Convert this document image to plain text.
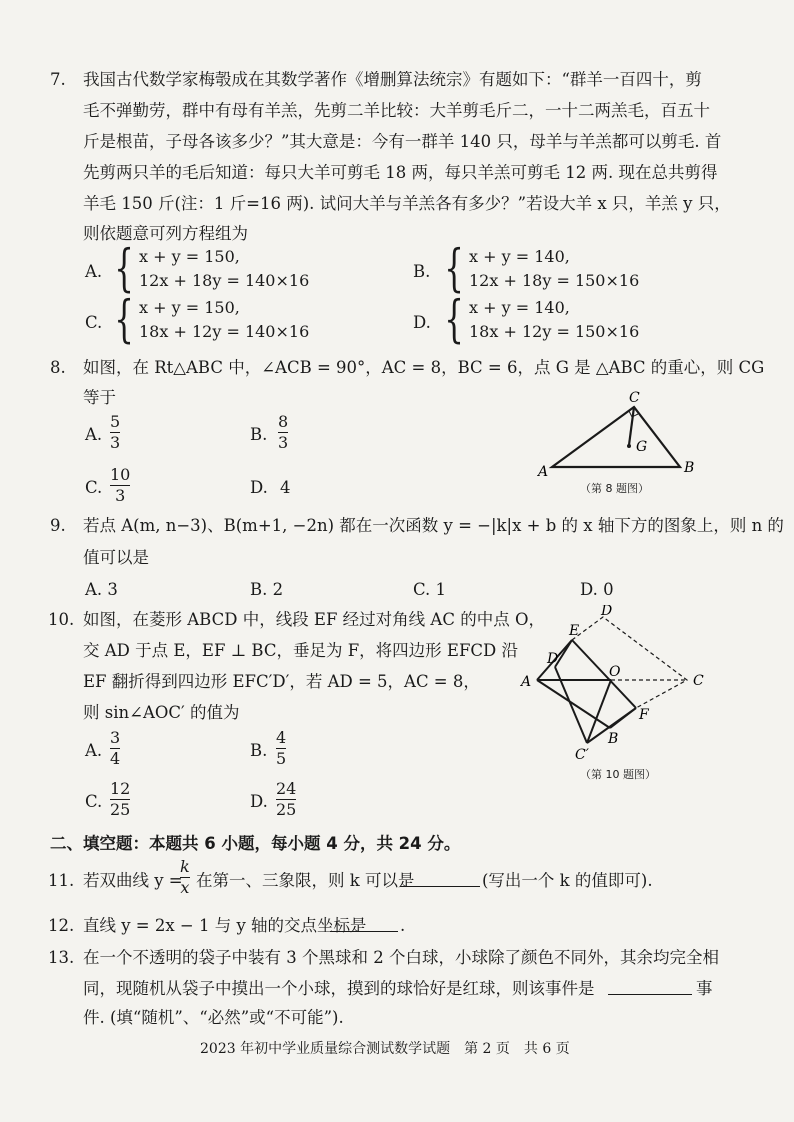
7. 我国古代数学家梅彀成在其数学著作《增删算法统宗》有题如下：“群羊一百四十，剪
毛不弹勤劳，群中有母有羊羔，先剪二羊比较：大羊剪毛斤二，一十二两羔毛，百五十
斤是根苗，子母各该多少？”其大意是：今有一群羊 140 只，母羊与羊羔都可以剪毛. 首
先剪两只羊的毛后知道：每只大羊可剪毛 18 两，每只羊羔可剪毛 12 两. 现在总共剪得
羊毛 150 斤(注：1 斤=16 两). 试问大羊与羊羔各有多少？”若设大羊 x 只，羊羔 y 只，
则依题意可列方程组为
A. { x + y = 150,
12x + 18y = 140×16	B. { x + y = 140,
12x + 18y = 150×16
C. { x + y = 150,
18x + 12y = 140×16	D. { x + y = 140,
18x + 12y = 150×16
8. 如图，在 Rt△ABC 中，∠ACB = 90°，AC = 8，BC = 6，点 G 是 △ABC 的重心，则 CG
等于
A.
5
3	B.
8
3
C.
10
3	D. 4
A	B
C
G
（第 8 题图）
9. 若点 A(m, n−3)、B(m+1, −2n) 都在一次函数 y = −|k|x + b 的 x 轴下方的图象上，则 n 的
值可以是
A. 3	B. 2	C. 1	D. 0
10. 如图，在菱形 ABCD 中，线段 EF 经过对角线 AC 的中点 O，
交 AD 于点 E，EF ⊥ BC，垂足为 F，将四边形 EFCD 沿
EF 翻折得到四边形 EFC′D′，若 AD = 5，AC = 8，
则 sin∠AOC′ 的值为
A.
3
4	B.
4
5
C.
12
25	D.
24
25
A
B
C
D
E
F
O
D′
C′
（第 10 题图）
二、填空题：本题共 6 小题，每小题 4 分，共 24 分。
11. 若双曲线 y =
k
x 在第一、三象限，则 k 可以是	(写出一个 k 的值即可).
12. 直线 y = 2x − 1 与 y 轴的交点坐标是 .
13. 在一个不透明的袋子中装有 3 个黑球和 2 个白球，小球除了颜色不同外，其余均完全相
同，现随机从袋子中摸出一个小球，摸到的球恰好是红球，则该事件是	事
件. (填“随机”、“必然”或“不可能”).
2023 年初中学业质量综合测试数学试题　第 2 页　共 6 页
